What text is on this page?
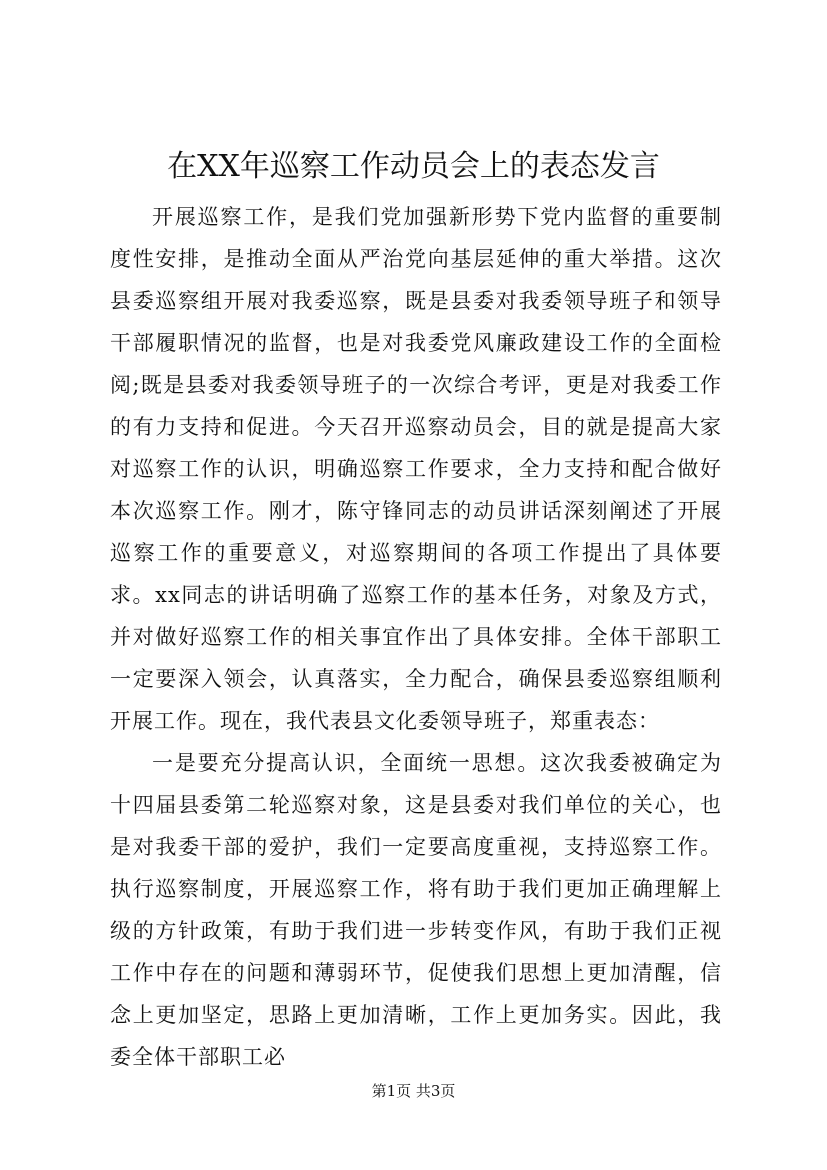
在XX年巡察工作动员会上的表态发言

开展巡察工作，是我们党加强新形势下党内监督的重要制度性安排，是推动全面从严治党向基层延伸的重大举措。这次县委巡察组开展对我委巡察，既是县委对我委领导班子和领导干部履职情况的监督，也是对我委党风廉政建设工作的全面检阅;既是县委对我委领导班子的一次综合考评，更是对我委工作的有力支持和促进。今天召开巡察动员会，目的就是提高大家对巡察工作的认识，明确巡察工作要求，全力支持和配合做好本次巡察工作。刚才，陈守锋同志的动员讲话深刻阐述了开展巡察工作的重要意义，对巡察期间的各项工作提出了具体要求。xx同志的讲话明确了巡察工作的基本任务，对象及方式，并对做好巡察工作的相关事宜作出了具体安排。全体干部职工一定要深入领会，认真落实，全力配合，确保县委巡察组顺利开展工作。现在，我代表县文化委领导班子，郑重表态：

一是要充分提高认识，全面统一思想。这次我委被确定为十四届县委第二轮巡察对象，这是县委对我们单位的关心，也是对我委干部的爱护，我们一定要高度重视，支持巡察工作。执行巡察制度，开展巡察工作，将有助于我们更加正确理解上级的方针政策，有助于我们进一步转变作风，有助于我们正视工作中存在的问题和薄弱环节，促使我们思想上更加清醒，信念上更加坚定，思路上更加清晰，工作上更加务实。因此，我委全体干部职工必

第1页 共3页
